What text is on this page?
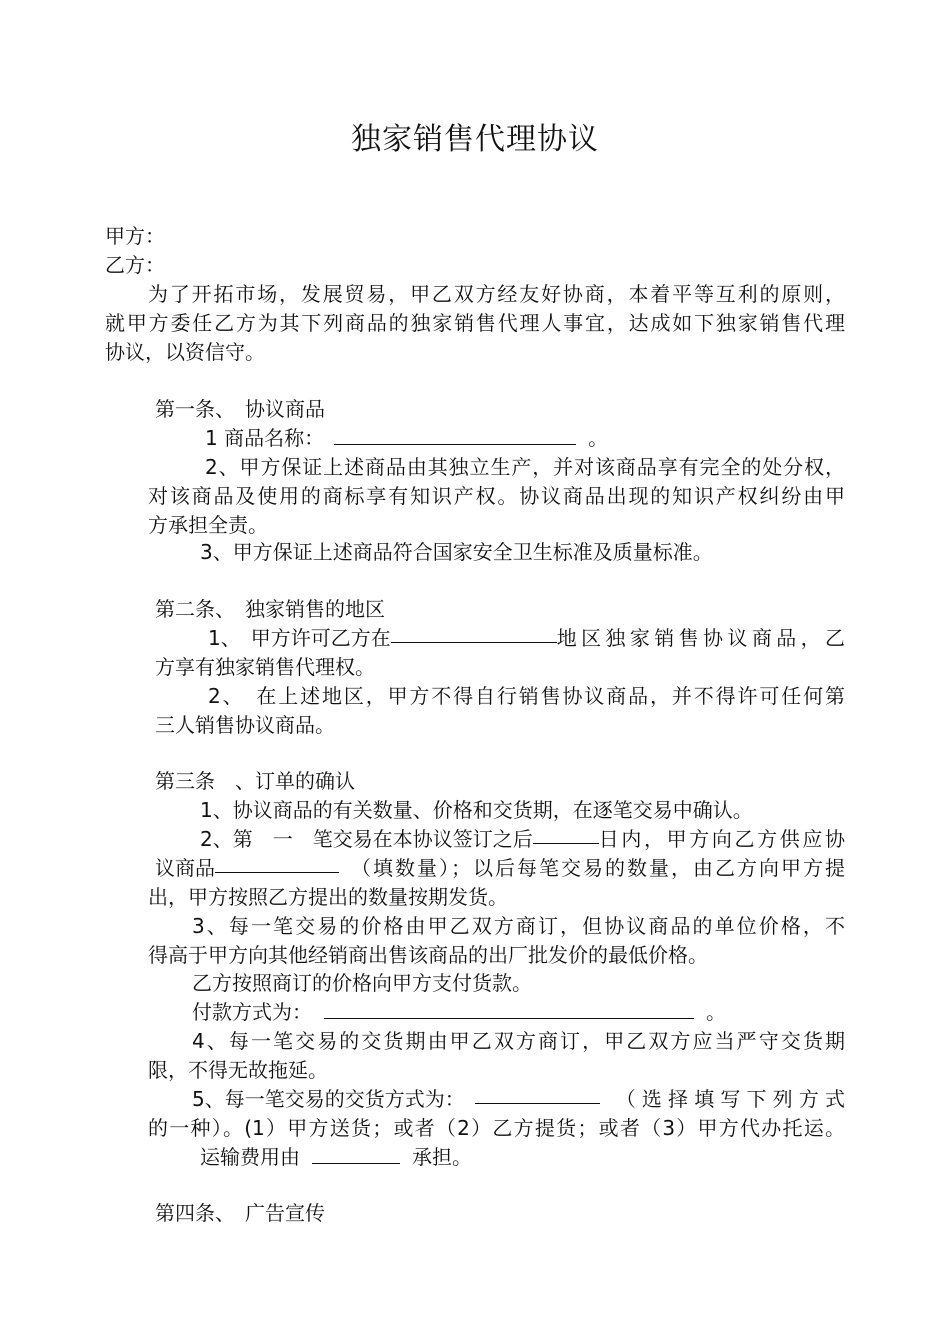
独家销售代理协议
甲方：
乙方：
为了开拓市场，发展贸易，甲乙双方经友好协商，本着平等互利的原则，
就甲方委任乙方为其下列商品的独家销售代理人事宜，达成如下独家销售代理
协议，以资信守。
第一条、　协议商品
1 商品名称：	。
2、甲方保证上述商品由其独立生产，并对该商品享有完全的处分权，
对该商品及使用的商标享有知识产权。协议商品出现的知识产权纠纷由甲
方承担全责。
3、甲方保证上述商品符合国家安全卫生标准及质量标准。
第二条、　独家销售的地区
1、　甲方许可乙方在	地区独家销售协议商品，乙
方享有独家销售代理权。
2、　在上述地区，甲方不得自行销售协议商品，并不得许可任何第
三人销售协议商品。
第三条　、订单的确认
1、协议商品的有关数量、价格和交货期，在逐笔交易中确认。
2、第　一　笔交易在本协议签订之后	日内，甲方向乙方供应协
议商品	（填数量）；以后每笔交易的数量，由乙方向甲方提
出，甲方按照乙方提出的数量按期发货。
3、每一笔交易的价格由甲乙双方商订，但协议商品的单位价格，不
得高于甲方向其他经销商出售该商品的出厂批发价的最低价格。
乙方按照商订的价格向甲方支付货款。
付款方式为：	。
4、每一笔交易的交货期由甲乙双方商订，甲乙双方应当严守交货期
限，不得无故拖延。
5、每一笔交易的交货方式为：	（选择填写下列方式
的一种）。(1）甲方送货；或者（2）乙方提货；或者（3）甲方代办托运。
运输费用由	承担。
第四条、　广告宣传
